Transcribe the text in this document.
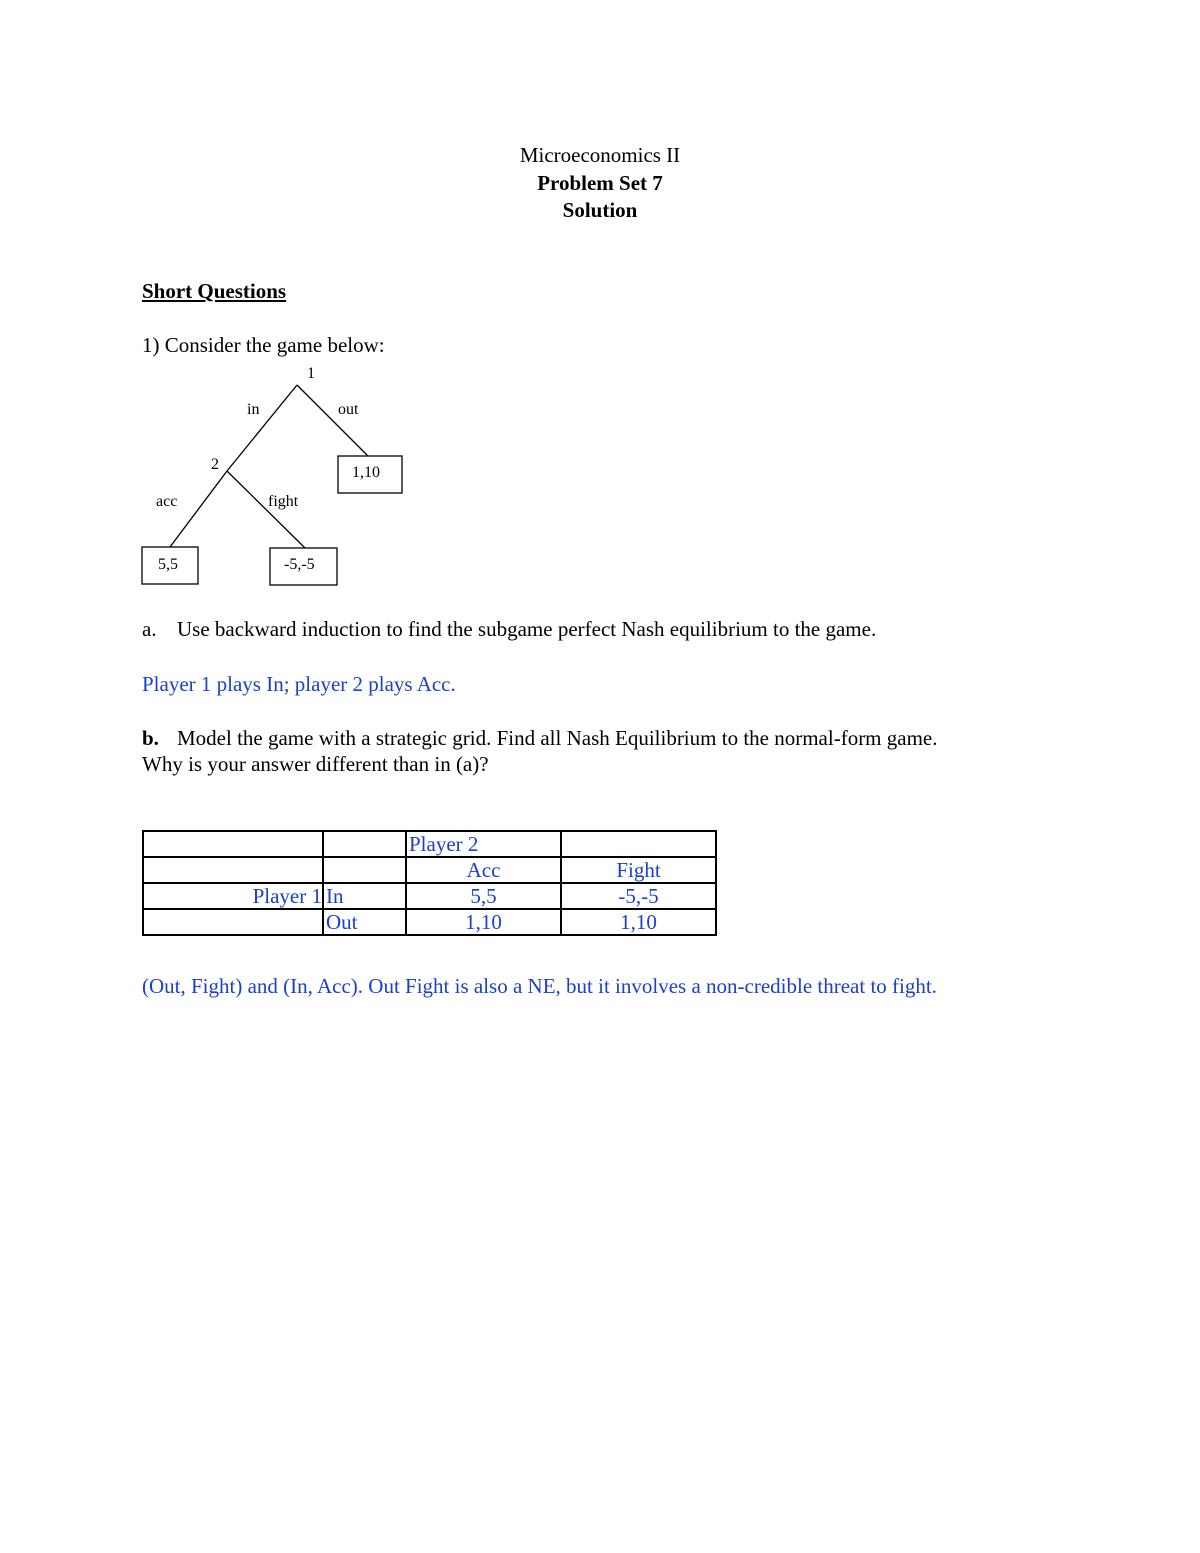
Microeconomics II
Problem Set 7
Solution
Short Questions
1) Consider the game below:
1
in	out
2
acc	fight
1,10
5,5	-5,-5
a. Use backward induction to find the subgame perfect Nash equilibrium to the game.
Player 1 plays In; player 2 plays Acc.
b. Model the game with a strategic grid. Find all Nash Equilibrium to the normal-form game.
Why is your answer different than in (a)?
		Player 2	
		Acc	Fight
Player 1	In	5,5	-5,-5
	Out	1,10	1,10
(Out, Fight) and (In, Acc). Out Fight is also a NE, but it involves a non-credible threat to fight.
